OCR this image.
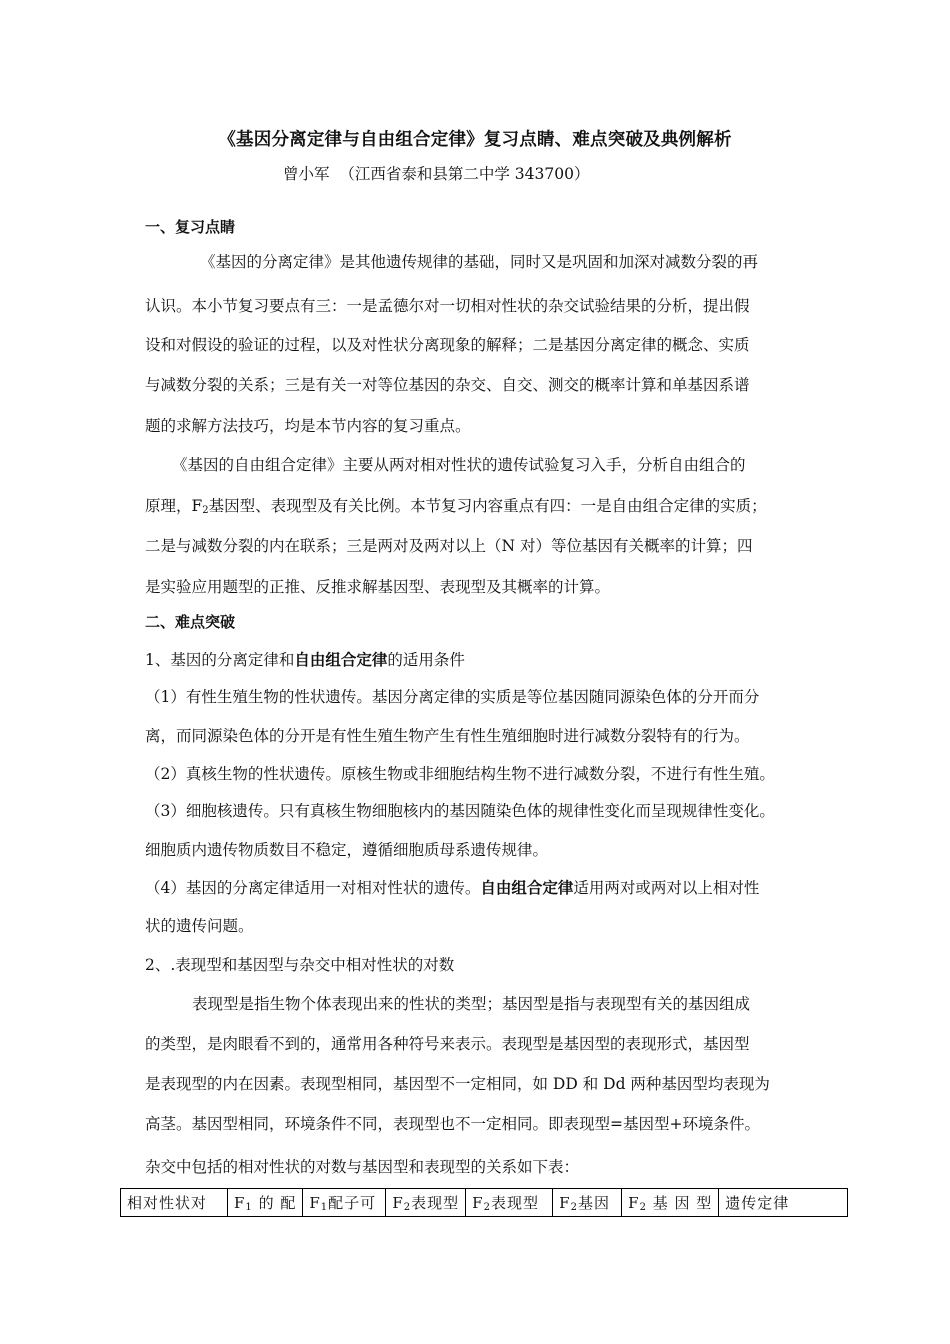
《基因分离定律与自由组合定律》复习点睛、难点突破及典例解析
曾小军  （江西省泰和县第二中学 343700）
一、复习点睛
《基因的分离定律》是其他遗传规律的基础，同时又是巩固和加深对减数分裂的再
认识。本小节复习要点有三：一是孟德尔对一切相对性状的杂交试验结果的分析，提出假
设和对假设的验证的过程，以及对性状分离现象的解释；二是基因分离定律的概念、实质
与减数分裂的关系；三是有关一对等位基因的杂交、自交、测交的概率计算和单基因系谱
题的求解方法技巧，均是本节内容的复习重点。
《基因的自由组合定律》主要从两对相对性状的遗传试验复习入手，分析自由组合的
原理，$F_2$基因型、表现型及有关比例。本节复习内容重点有四：一是自由组合定律的实质；
二是与减数分裂的内在联系；三是两对及两对以上（N 对）等位基因有关概率的计算；四
是实验应用题型的正推、反推求解基因型、表现型及其概率的计算。
二、难点突破
1、基因的分离定律和自由组合定律的适用条件
（1）有性生殖生物的性状遗传。基因分离定律的实质是等位基因随同源染色体的分开而分
离，而同源染色体的分开是有性生殖生物产生有性生殖细胞时进行减数分裂特有的行为。
（2）真核生物的性状遗传。原核生物或非细胞结构生物不进行减数分裂，不进行有性生殖。
（3）细胞核遗传。只有真核生物细胞核内的基因随染色体的规律性变化而呈现规律性变化。
细胞质内遗传物质数目不稳定，遵循细胞质母系遗传规律。
（4）基因的分离定律适用一对相对性状的遗传。自由组合定律适用两对或两对以上相对性
状的遗传问题。
2、.表现型和基因型与杂交中相对性状的对数
表现型是指生物个体表现出来的性状的类型；基因型是指与表现型有关的基因组成
的类型，是肉眼看不到的，通常用各种符号来表示。表现型是基因型的表现形式，基因型
是表现型的内在因素。表现型相同，基因型不一定相同，如 DD 和 Dd 两种基因型均表现为
高茎。基因型相同，环境条件不同，表现型也不一定相同。即表现型=基因型+环境条件。
杂交中包括的相对性状的对数与基因型和表现型的关系如下表：
相对性状对	$F_1$ 的 配	$F_1$配子可	$F_2$表现型	$F_2$表现型	$F_2$基因	$F_2$ 基 因 型	遗传定律
